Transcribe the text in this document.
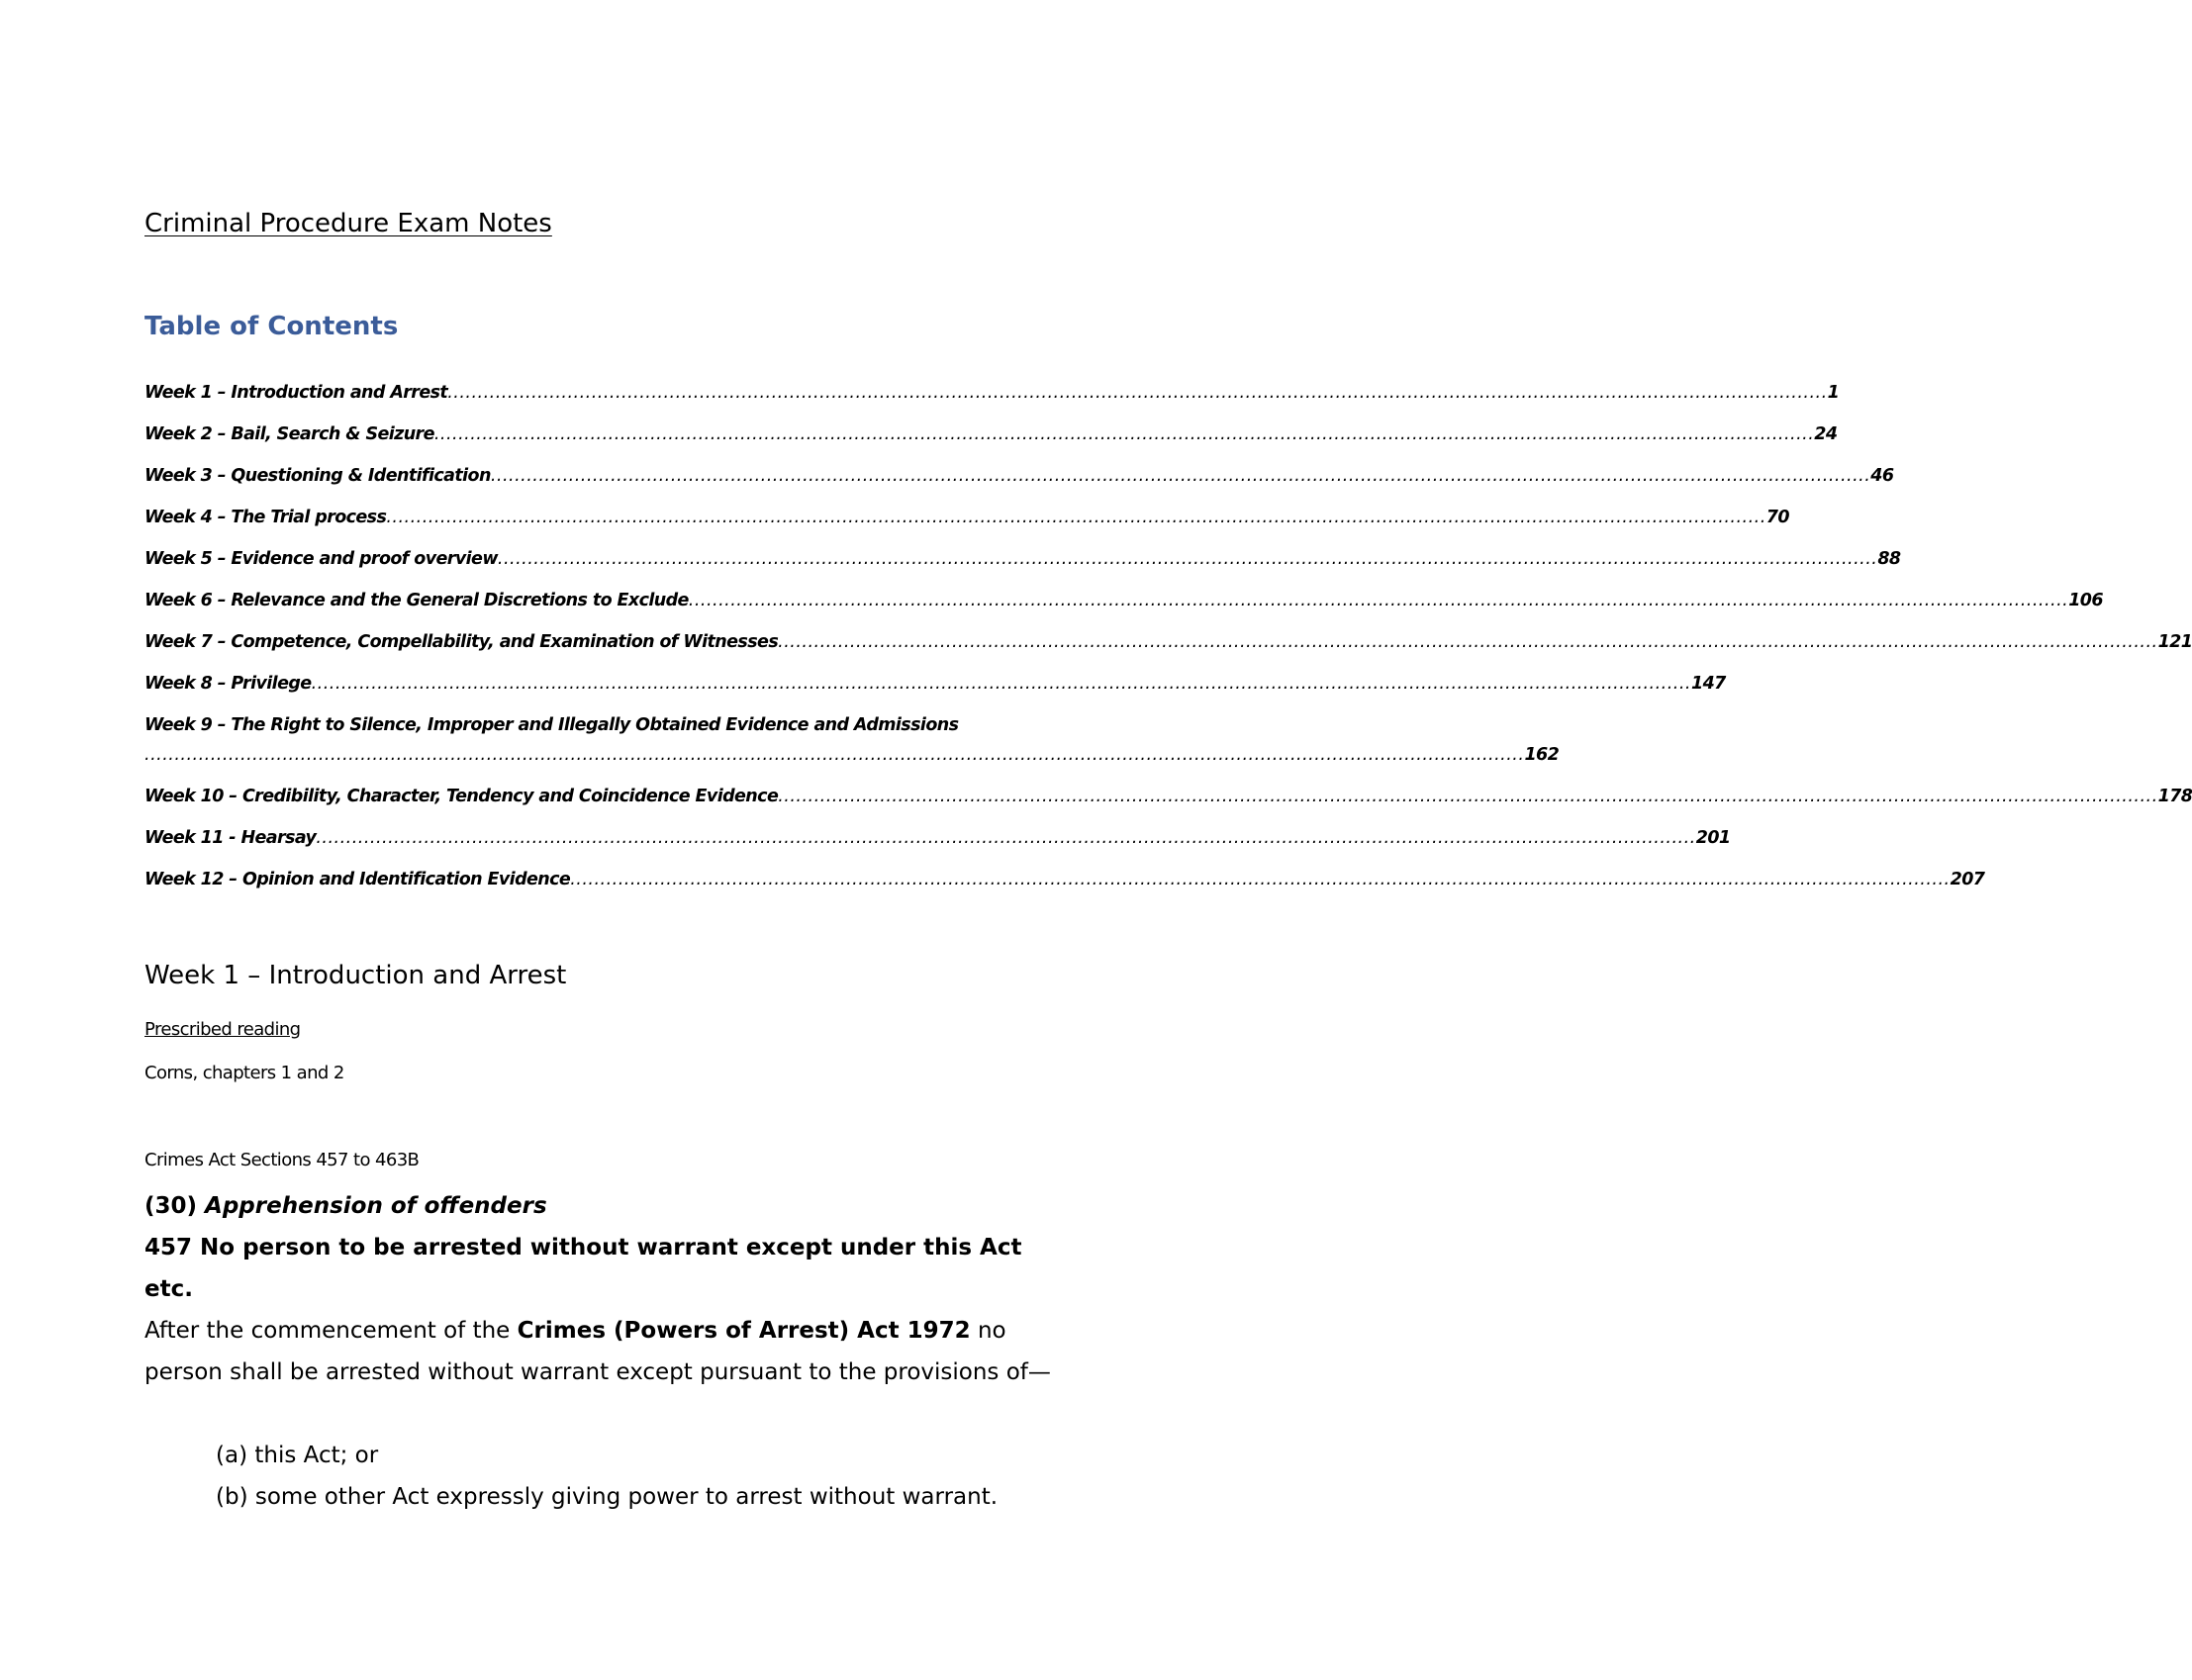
Criminal Procedure Exam Notes
Table of Contents
Week 1 – Introduction and Arrest ...................................................................................................................................................................................................................................... 1
Week 2 – Bail, Search & Seizure ...................................................................................................................................................................................................................................... 24
Week 3 – Questioning & Identification ...................................................................................................................................................................................................................................... 46
Week 4 – The Trial process ...................................................................................................................................................................................................................................... 70
Week 5 – Evidence and proof overview ...................................................................................................................................................................................................................................... 88
Week 6 – Relevance and the General Discretions to Exclude ...................................................................................................................................................................................................................................... 106
Week 7 – Competence, Compellability, and Examination of Witnesses ...................................................................................................................................................................................................................................... 121
Week 8 – Privilege ...................................................................................................................................................................................................................................... 147
Week 9 – The Right to Silence, Improper and Illegally Obtained Evidence and Admissions
...................................................................................................................................................................................................................................... 162
Week 10 – Credibility, Character, Tendency and Coincidence Evidence ...................................................................................................................................................................................................................................... 178
Week 11 - Hearsay ...................................................................................................................................................................................................................................... 201
Week 12 – Opinion and Identification Evidence ...................................................................................................................................................................................................................................... 207
Week 1 – Introduction and Arrest

Prescribed reading

Corns, chapters 1 and 2

Crimes Act Sections 457 to 463B

(30) Apprehension of offenders

457 No person to be arrested without warrant except under this Act etc.

After the commencement of the Crimes (Powers of Arrest) Act 1972 no person shall be arrested without warrant except pursuant to the provisions of—

(a) this Act; or

(b) some other Act expressly giving power to arrest without warrant.
